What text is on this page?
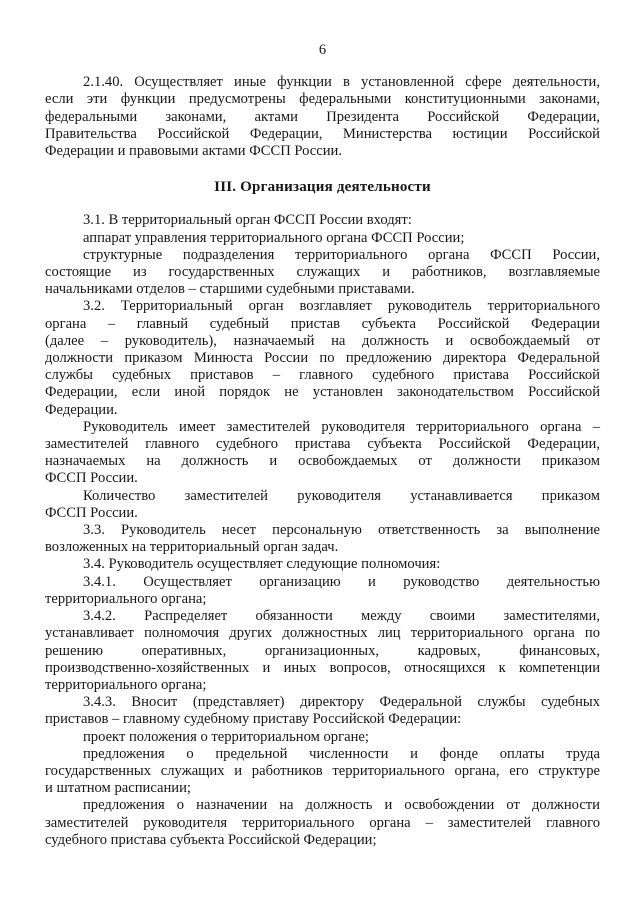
6
2.1.40. Осуществляет иные функции в установленной сфере деятельности,
если эти функции предусмотрены федеральными конституционными законами,
федеральными законами, актами Президента Российской Федерации,
Правительства Российской Федерации, Министерства юстиции Российской
Федерации и правовыми актами ФССП России.
III. Организация деятельности
3.1. В территориальный орган ФССП России входят:
аппарат управления территориального органа ФССП России;
структурные подразделения территориального органа ФССП России,
состоящие из государственных служащих и работников, возглавляемые
начальниками отделов – старшими судебными приставами.
3.2. Территориальный орган возглавляет руководитель территориального
органа – главный судебный пристав субъекта Российской Федерации
(далее – руководитель), назначаемый на должность и освобождаемый от
должности приказом Минюста России по предложению директора Федеральной
службы судебных приставов – главного судебного пристава Российской
Федерации, если иной порядок не установлен законодательством Российской
Федерации.
Руководитель имеет заместителей руководителя территориального органа –
заместителей главного судебного пристава субъекта Российской Федерации,
назначаемых на должность и освобождаемых от должности приказом
ФССП России.
Количество заместителей руководителя устанавливается приказом
ФССП России.
3.3. Руководитель несет персональную ответственность за выполнение
возложенных на территориальный орган задач.
3.4. Руководитель осуществляет следующие полномочия:
3.4.1. Осуществляет организацию и руководство деятельностью
территориального органа;
3.4.2. Распределяет обязанности между своими заместителями,
устанавливает полномочия других должностных лиц территориального органа по
решению оперативных, организационных, кадровых, финансовых,
производственно-хозяйственных и иных вопросов, относящихся к компетенции
территориального органа;
3.4.3. Вносит (представляет) директору Федеральной службы судебных
приставов – главному судебному приставу Российской Федерации:
проект положения о территориальном органе;
предложения о предельной численности и фонде оплаты труда
государственных служащих и работников территориального органа, его структуре
и штатном расписании;
предложения о назначении на должность и освобождении от должности
заместителей руководителя территориального органа – заместителей главного
судебного пристава субъекта Российской Федерации;
